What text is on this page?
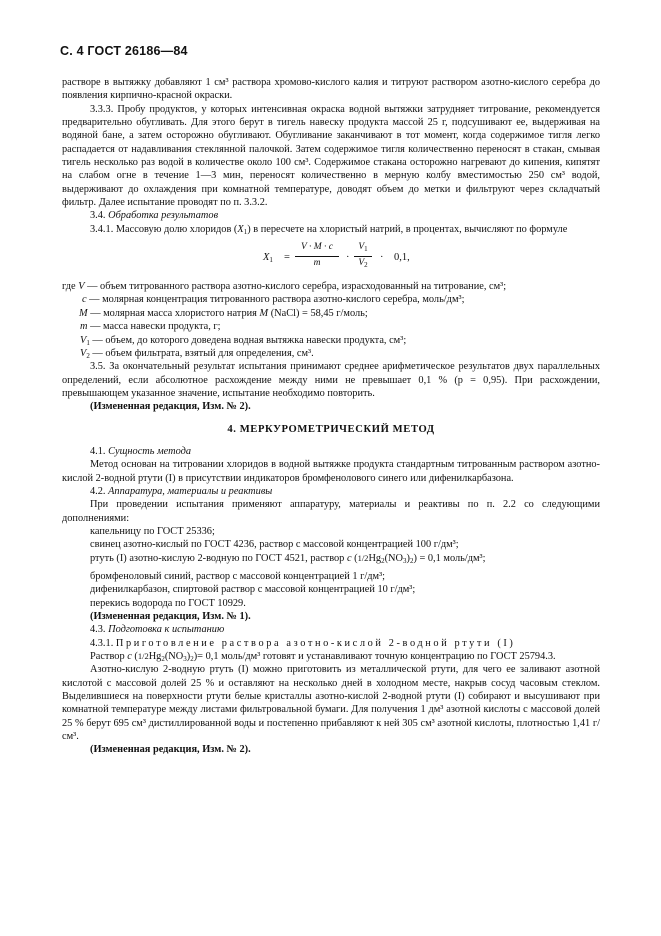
С. 4 ГОСТ 26186—84

растворе в вытяжку добавляют 1 см³ раствора хромово-кислого калия и титруют раствором азотно-кислого серебра до появления кирпично-красной окраски.

3.3.3. Пробу продуктов, у которых интенсивная окраска водной вытяжки затрудняет титрование, рекомендуется предварительно обугливать. Для этого берут в тигель навеску продукта массой 25 г, подсушивают ее, выдерживая на водяной бане, а затем осторожно обугливают. Обугливание заканчивают в тот момент, когда содержимое тигля легко распадается от надавливания стеклянной палочкой. Затем содержимое тигля количественно переносят в стакан, смывая тигель несколько раз водой в количестве около 100 см³. Содержимое стакана осторожно нагревают до кипения, кипятят на слабом огне в течение 1—3 мин, переносят количественно в мерную колбу вместимостью 250 см³ водой, выдерживают до охлаждения при комнатной температуре, доводят объем до метки и фильтруют через складчатый фильтр. Далее испытание проводят по п. 3.3.2.

3.4. Обработка результатов

3.4.1. Массовую долю хлоридов $(X_1)$ в пересчете на хлористый натрий, в процентах, вычисляют по формуле

$X_1$ =
V · M · c
m	·
$V_1$
$V_2$
· 0,1,

где V — объем титрованного раствора азотно-кислого серебра, израсходованный на титрование, см³;

c — молярная концентрация титрованного раствора азотно-кислого серебра, моль/дм³;

M — молярная масса хлористого натрия M (NaCl) = 58,45 г/моль;

m — масса навески продукта, г;

$V_1$ — объем, до которого доведена водная вытяжка навески продукта, см³;

$V_2$ — объем фильтрата, взятый для определения, см³.

3.5. За окончательный результат испытания принимают среднее арифметическое результатов двух параллельных определений, если абсолютное расхождение между ними не превышает 0,1 % (p = 0,95). При расхождении, превышающем указанное значение, испытание необходимо повторить.

(Измененная редакция, Изм. № 2).

4. МЕРКУРОМЕТРИЧЕСКИЙ МЕТОД

4.1. Сущность метода

Метод основан на титровании хлоридов в водной вытяжке продукта стандартным титрованным раствором азотно-кислой 2-водной ртути (I) в присутствии индикаторов бромфенолового синего или дифенилкарбазона.

4.2. Аппаратура, материалы и реактивы

При проведении испытания применяют аппаратуру, материалы и реактивы по п. 2.2 со следующими дополнениями:

капельницу по ГОСТ 25336;

свинец азотно-кислый по ГОСТ 4236, раствор с массовой концентрацией 100 г/дм³;

ртуть (I) азотно-кислую 2-водную по ГОСТ 4521, раствор c $(1/2Hg_2(NO_3)_2) = 0,1$ моль/дм³;

бромфеноловый синий, раствор с массовой концентрацией 1 г/дм³;

дифенилкарбазон, спиртовой раствор с массовой концентрацией 10 г/дм³;

перекись водорода по ГОСТ 10929.

(Измененная редакция, Изм. № 1).

4.3. Подготовка к испытанию

4.3.1. Приготовление раствора азотно-кислой 2-водной ртути (I)

Раствор c $(1/2Hg_2(NO_3)_2)= 0,1$ моль/дм³ готовят и устанавливают точную концентрацию по ГОСТ 25794.3.

Азотно-кислую 2-водную ртуть (I) можно приготовить из металлической ртути, для чего ее заливают азотной кислотой с массовой долей 25 % и оставляют на несколько дней в холодном месте, накрыв сосуд часовым стеклом. Выделившиеся на поверхности ртути белые кристаллы азотно-кислой 2-водной ртути (I) собирают и высушивают при комнатной температуре между листами фильтровальной бумаги. Для получения 1 дм³ азотной кислоты с массовой долей 25 % берут 695 см³ дистиллированной воды и постепенно прибавляют к ней 305 см³ азотной кислоты, плотностью 1,41 г/см³.

(Измененная редакция, Изм. № 2).
